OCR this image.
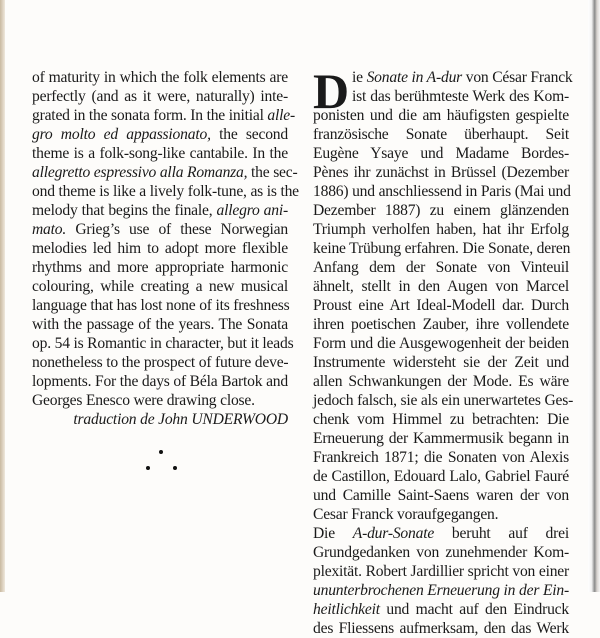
of maturity in which the folk elements are
perfectly (and as it were, naturally) inte-
grated in the sonata form. In the initial alle-
gro molto ed appassionato, the second
theme is a folk-song-like cantabile. In the
allegretto espressivo alla Romanza, the sec-
ond theme is like a lively folk-tune, as is the
melody that begins the finale, allegro ani-
mato. Grieg’s use of these Norwegian
melodies led him to adopt more flexible
rhythms and more appropriate harmonic
colouring, while creating a new musical
language that has lost none of its freshness
with the passage of the years. The Sonata
op. 54 is Romantic in character, but it leads
nonetheless to the prospect of future deve-
lopments. For the days of Béla Bartok and
Georges Enesco were drawing close.
traduction de John UNDERWOOD
D ie Sonate in A-dur von César Franck
ist das berühmteste Werk des Kom-
ponisten und die am häufigsten gespielte
französische Sonate überhaupt. Seit
Eugène Ysaye und Madame Bordes-
Pènes ihr zunächst in Brüssel (Dezember
1886) und anschliessend in Paris (Mai und
Dezember 1887) zu einem glänzenden
Triumph verholfen haben, hat ihr Erfolg
keine Trübung erfahren. Die Sonate, deren
Anfang dem der Sonate von Vinteuil
ähnelt, stellt in den Augen von Marcel
Proust eine Art Ideal-Modell dar. Durch
ihren poetischen Zauber, ihre vollendete
Form und die Ausgewogenheit der beiden
Instrumente widersteht sie der Zeit und
allen Schwankungen der Mode. Es wäre
jedoch falsch, sie als ein unerwartetes Ges-
chenk vom Himmel zu betrachten: Die
Erneuerung der Kammermusik begann in
Frankreich 1871; die Sonaten von Alexis
de Castillon, Edouard Lalo, Gabriel Fauré
und Camille Saint-Saens waren der von
Cesar Franck voraufgegangen.
Die A-dur-Sonate beruht auf drei
Grundgedanken von zunehmender Kom-
plexität. Robert Jardillier spricht von einer
ununterbrochenen Erneuerung in der Ein-
heitlichkeit und macht auf den Eindruck
des Fliessens aufmerksam, den das Werk
